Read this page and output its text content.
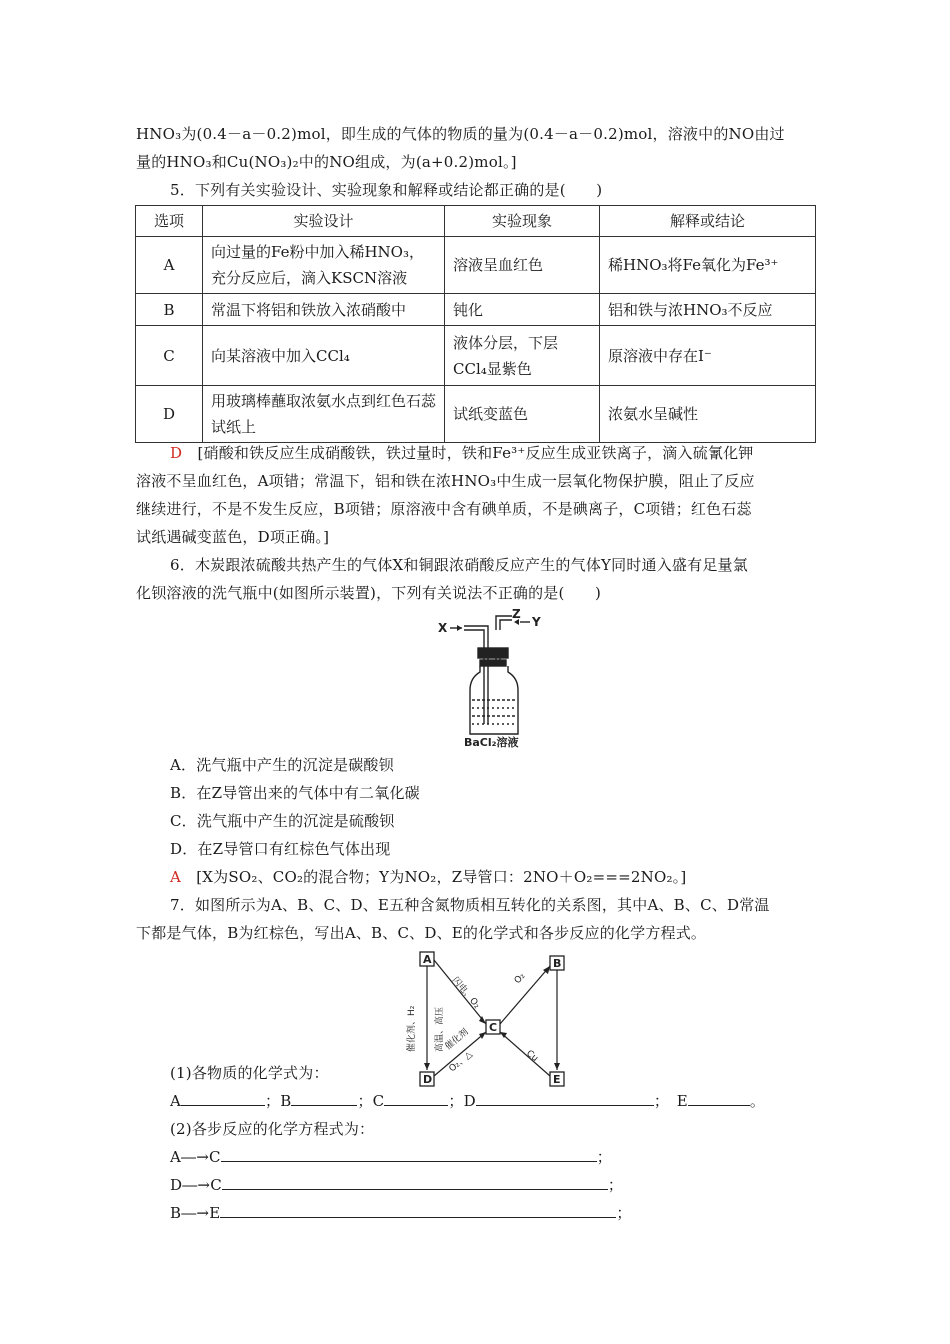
HNO₃为(0.4－a－0.2)mol，即生成的气体的物质的量为(0.4－a－0.2)mol，溶液中的NO由过
量的HNO₃和Cu(NO₃)₂中的NO组成，为(a+0.2)mol。]
5．下列有关实验设计、实验现象和解释或结论都正确的是(　　)
选项	实验设计	实验现象	解释或结论
A	向过量的Fe粉中加入稀HNO₃，充分反应后，滴入KSCN溶液	溶液呈血红色	稀HNO₃将Fe氧化为Fe³⁺
B	常温下将铝和铁放入浓硝酸中	钝化	铝和铁与浓HNO₃不反应
C	向某溶液中加入CCl₄	液体分层，下层CCl₄显紫色	原溶液中存在I⁻
D	用玻璃棒蘸取浓氨水点到红色石蕊试纸上	试纸变蓝色	浓氨水呈碱性
D　 [硝酸和铁反应生成硝酸铁，铁过量时，铁和Fe³⁺反应生成亚铁离子，滴入硫氰化钾
溶液不呈血红色，A项错；常温下，铝和铁在浓HNO₃中生成一层氧化物保护膜，阻止了反应
继续进行，不是不发生反应，B项错；原溶液中含有碘单质，不是碘离子，C项错；红色石蕊
试纸遇碱变蓝色，D项正确。]
6．木炭跟浓硫酸共热产生的气体X和铜跟浓硝酸反应产生的气体Y同时通入盛有足量氯
化钡溶液的洗气瓶中(如图所示装置)，下列有关说法不正确的是(　　)
X
Z
Y
BaCl₂溶液
A．洗气瓶中产生的沉淀是碳酸钡
B．在Z导管出来的气体中有二氧化碳
C．洗气瓶中产生的沉淀是硫酸钡
D．在Z导管口有红棕色气体出现
A　 [X为SO₂、CO₂的混合物；Y为NO₂，Z导管口：2NO＋O₂===2NO₂。]
7．如图所示为A、B、C、D、E五种含氮物质相互转化的关系图，其中A、B、C、D常温
下都是气体，B为红棕色，写出A、B、C、D、E的化学式和各步反应的化学方程式。
A	B
C
D	E
闪电、O₂	O₂
催化剂、H₂ 高温、高压
催化剂
O₂、△	Cu
(1)各物质的化学式为：
A	；B	；C	；D	；　E	。
(2)各步反应的化学方程式为：
A―→C	；
D―→C	；
B―→E	；
